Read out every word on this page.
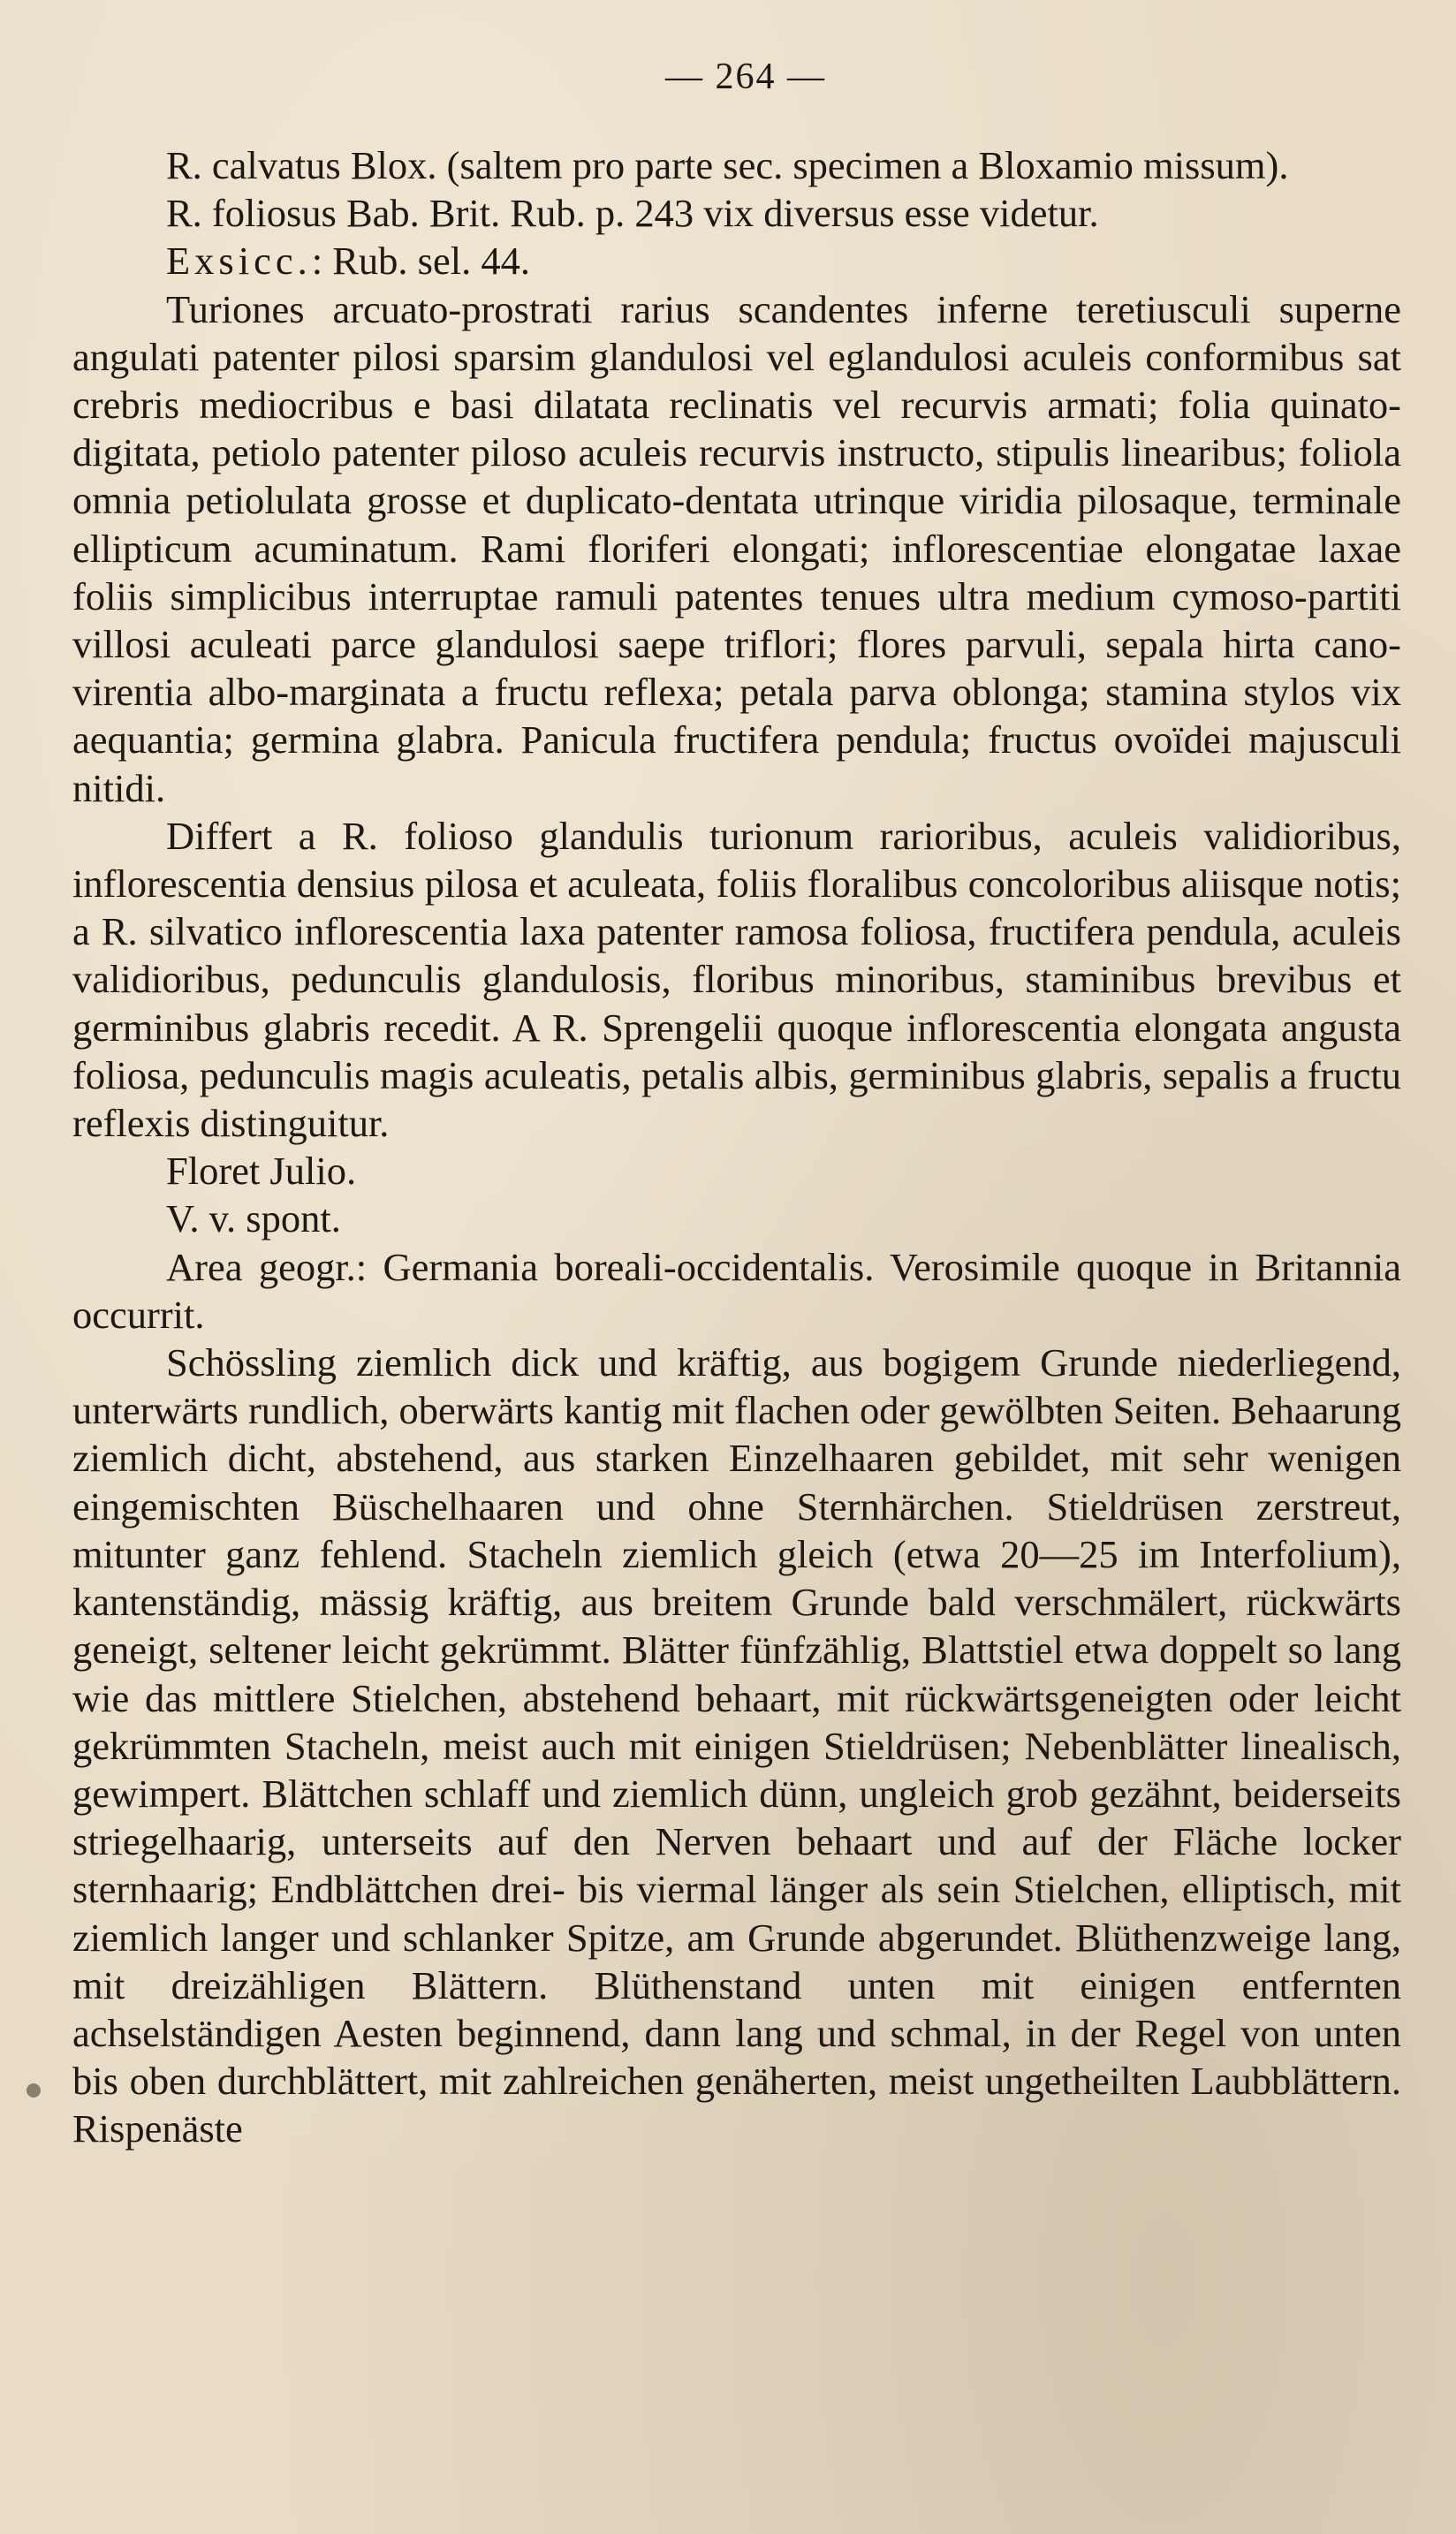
— 264 —

R. calvatus Blox. (saltem pro parte sec. specimen a Bloxamio missum).

R. foliosus Bab. Brit. Rub. p. 243 vix diversus esse videtur.

Exsicc.: Rub. sel. 44.

Turiones arcuato-prostrati rarius scandentes inferne teretiusculi superne angulati patenter pilosi sparsim glandulosi vel eglandulosi aculeis conformibus sat crebris mediocribus e basi dilatata reclinatis vel recurvis armati; folia quinato-digitata, petiolo patenter piloso aculeis recurvis instructo, stipulis linearibus; foliola omnia petiolulata grosse et duplicato-dentata utrinque viridia pilosaque, terminale ellipticum acuminatum. Rami floriferi elongati; inflorescentiae elongatae laxae foliis simplicibus interruptae ramuli patentes tenues ultra medium cymoso-partiti villosi aculeati parce glandulosi saepe triflori; flores parvuli, sepala hirta cano-virentia albo-marginata a fructu reflexa; petala parva oblonga; stamina stylos vix aequantia; germina glabra. Panicula fructifera pendula; fructus ovoïdei majusculi nitidi.

Differt a R. folioso glandulis turionum rarioribus, aculeis validioribus, inflorescentia densius pilosa et aculeata, foliis floralibus concoloribus aliisque notis; a R. silvatico inflorescentia laxa patenter ramosa foliosa, fructifera pendula, aculeis validioribus, pedunculis glandulosis, floribus minoribus, staminibus brevibus et germinibus glabris recedit. A R. Sprengelii quoque inflorescentia elongata angusta foliosa, pedunculis magis aculeatis, petalis albis, germinibus glabris, sepalis a fructu reflexis distinguitur.

Floret Julio.

V. v. spont.

Area geogr.: Germania boreali-occidentalis. Verosimile quoque in Britannia occurrit.

Schössling ziemlich dick und kräftig, aus bogigem Grunde niederliegend, unterwärts rundlich, oberwärts kantig mit flachen oder gewölbten Seiten. Behaarung ziemlich dicht, abstehend, aus starken Einzelhaaren gebildet, mit sehr wenigen eingemischten Büschelhaaren und ohne Sternhärchen. Stieldrüsen zerstreut, mitunter ganz fehlend. Stacheln ziemlich gleich (etwa 20—25 im Interfolium), kantenständig, mässig kräftig, aus breitem Grunde bald verschmälert, rückwärts geneigt, seltener leicht gekrümmt. Blätter fünfzählig, Blattstiel etwa doppelt so lang wie das mittlere Stielchen, abstehend behaart, mit rückwärtsgeneigten oder leicht gekrümmten Stacheln, meist auch mit einigen Stieldrüsen; Nebenblätter linealisch, gewimpert. Blättchen schlaff und ziemlich dünn, ungleich grob gezähnt, beiderseits striegelhaarig, unterseits auf den Nerven behaart und auf der Fläche locker sternhaarig; Endblättchen drei- bis viermal länger als sein Stielchen, elliptisch, mit ziemlich langer und schlanker Spitze, am Grunde abgerundet. Blüthenzweige lang, mit dreizähligen Blättern. Blüthenstand unten mit einigen entfernten achselständigen Aesten beginnend, dann lang und schmal, in der Regel von unten bis oben durchblättert, mit zahlreichen genäherten, meist ungetheilten Laubblättern. Rispenäste
